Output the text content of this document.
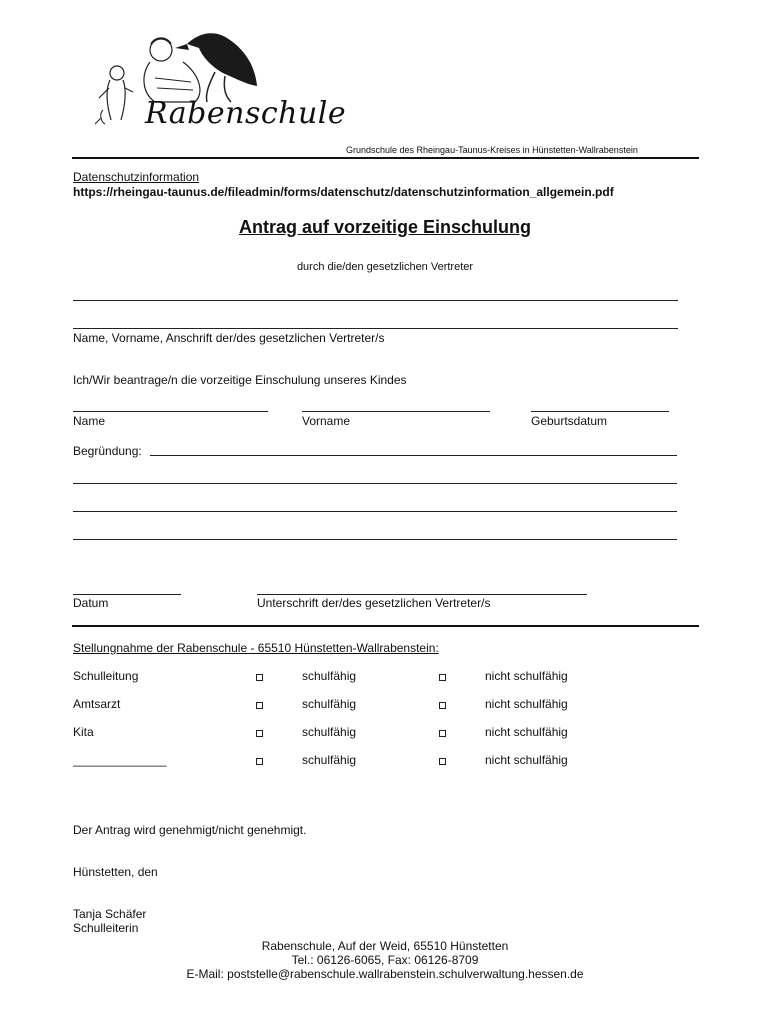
Rabenschule
Grundschule des Rheingau-Taunus-Kreises in Hünstetten-Wallrabenstein
Datenschutzinformation
https://rheingau-taunus.de/fileadmin/forms/datenschutz/datenschutzinformation_allgemein.pdf
Antrag auf vorzeitige Einschulung
durch die/den gesetzlichen Vertreter
Name, Vorname, Anschrift der/des gesetzlichen Vertreter/s
Ich/Wir beantrage/n die vorzeitige Einschulung unseres Kindes
Name	Vorname	Geburtsdatum
Begründung:
Datum	Unterschrift der/des gesetzlichen Vertreter/s
Stellungnahme der Rabenschule - 65510 Hünstetten-Wallrabenstein:
Schulleitung	schulfähig	nicht schulfähig
Amtsarzt	schulfähig	nicht schulfähig
Kita	schulfähig	nicht schulfähig
______________	schulfähig	nicht schulfähig
Der Antrag wird genehmigt/nicht genehmigt.
Hünstetten, den
Tanja Schäfer
Schulleiterin
Rabenschule, Auf der Weid, 65510 Hünstetten
Tel.: 06126-6065, Fax: 06126-8709
E-Mail: poststelle@rabenschule.wallrabenstein.schulverwaltung.hessen.de
